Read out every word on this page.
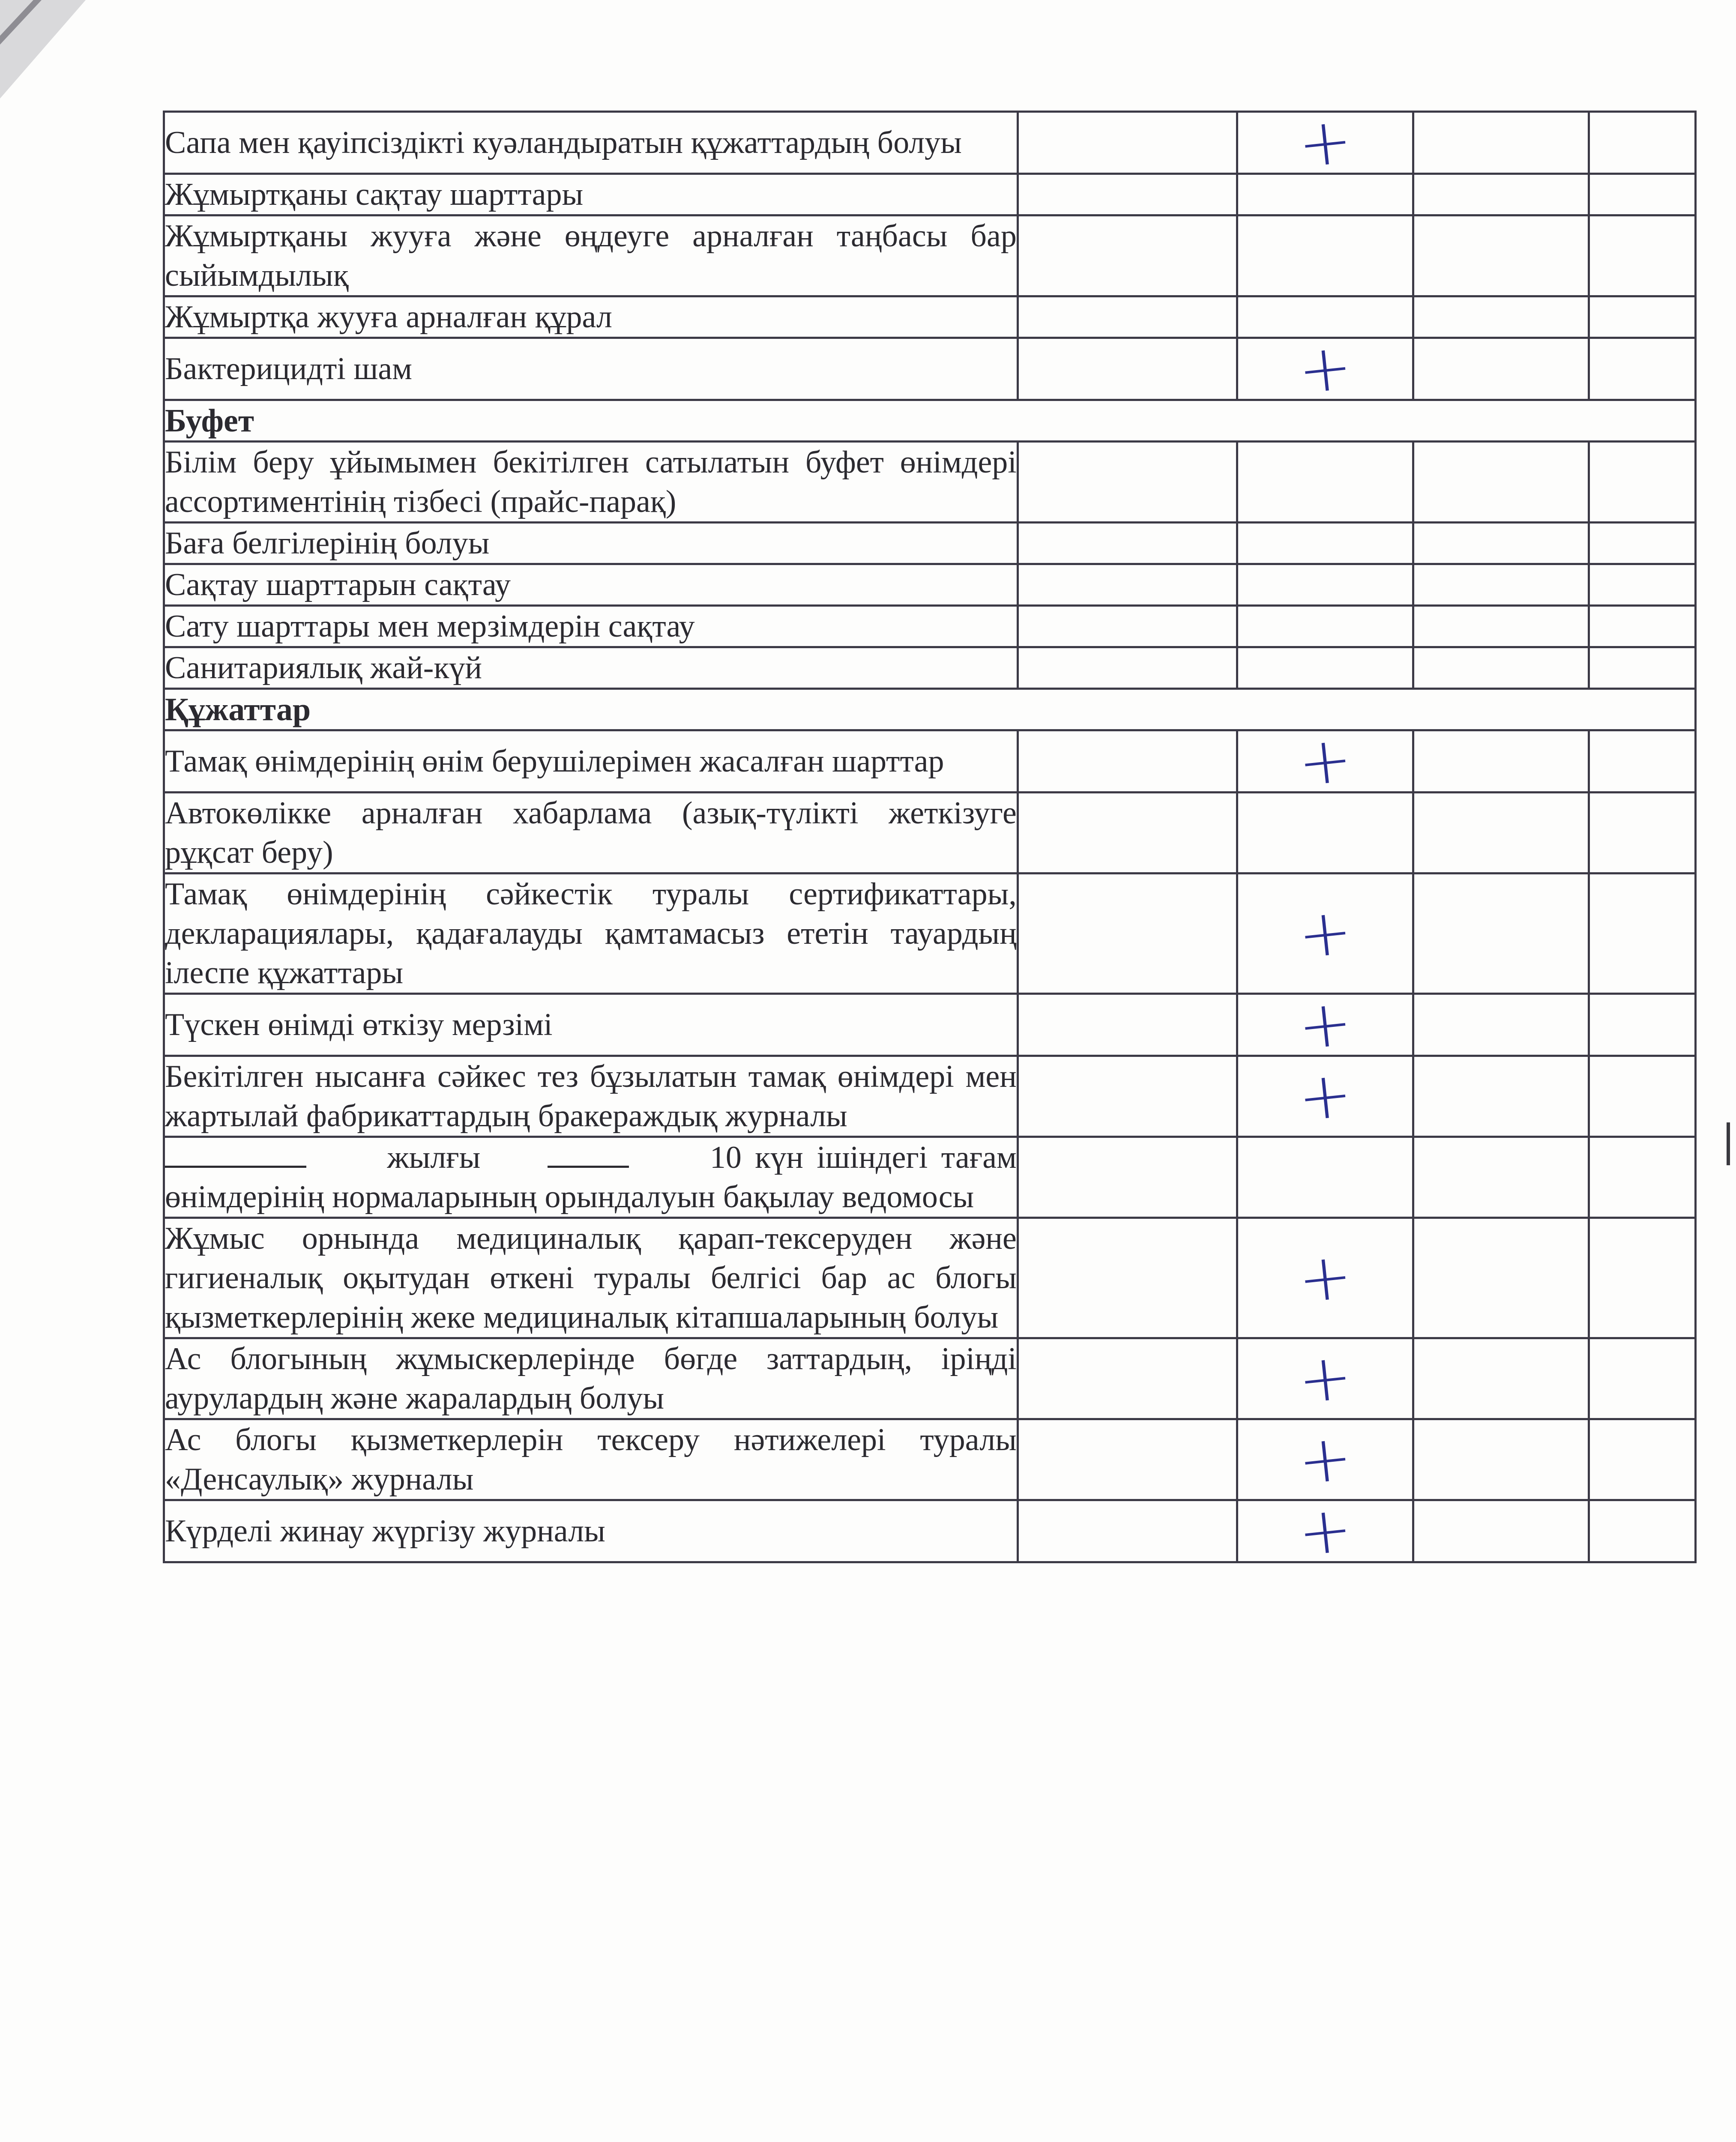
Сапа мен қауіпсіздікті куәландыратын құжаттардың болуы		+		
Жұмыртқаны сақтау шарттары				
Жұмыртқаны жууға және өңдеуге арналған таңбасы бар сыйымдылық				
Жұмыртқа жууға арналған құрал				
Бактерицидті шам		+		
Буфет				
Білім беру ұйымымен бекітілген сатылатын буфет өнімдері ассортиментінің тізбесі (прайс-парақ)				
Баға белгілерінің болуы				
Сақтау шарттарын сақтау				
Сату шарттары мен мерзімдерін сақтау				
Санитариялық жай-күй				
Құжаттар				
Тамақ өнімдерінің өнім берушілерімен жасалған шарттар		+		
Автокөлікке арналған хабарлама (азық-түлікті жеткізуге рұқсат беру)				
Тамақ өнімдерінің сәйкестік туралы сертификаттары, декларациялары, қадағалауды қамтамасыз ететін тауардың ілеспе құжаттары		+		
Түскен өнімді өткізу мерзімі		+		
Бекітілген нысанға сәйкес тез бұзылатын тамақ өнімдері мен жартылай фабрикаттардың бракераждық журналы		+		
жылғы 10 күн ішіндегі тағам өнімдерінің нормаларының орындалуын бақылау ведомосы				
Жұмыс орнында медициналық қарап-тексеруден және гигиеналық оқытудан өткені туралы белгісі бар ас блогы қызметкерлерінің жеке медициналық кітапшаларының болуы		+		
Ас блогының жұмыскерлерінде бөгде заттардың, іріңді аурулардың және жаралардың болуы		+		
Ас блогы қызметкерлерін тексеру нәтижелері туралы «Денсаулық» журналы		+		
Күрделі жинау жүргізу журналы		+		
